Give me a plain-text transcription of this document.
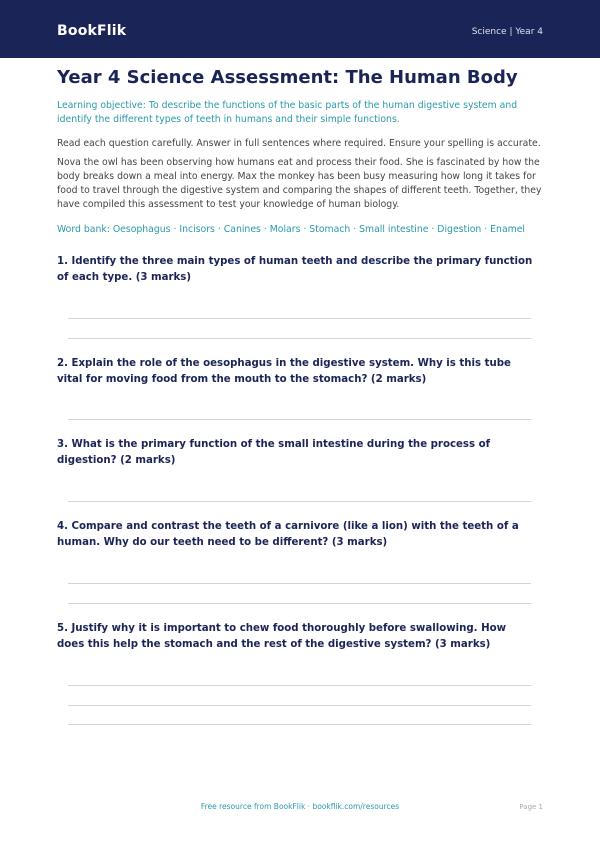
BookFlik	Science | Year 4
Year 4 Science Assessment: The Human Body
Learning objective: To describe the functions of the basic parts of the human digestive system and identify the different types of teeth in humans and their simple functions.
Read each question carefully. Answer in full sentences where required. Ensure your spelling is accurate.
Nova the owl has been observing how humans eat and process their food. She is fascinated by how the body breaks down a meal into energy. Max the monkey has been busy measuring how long it takes for food to travel through the digestive system and comparing the shapes of different teeth. Together, they have compiled this assessment to test your knowledge of human biology.
Word bank: Oesophagus · Incisors · Canines · Molars · Stomach · Small intestine · Digestion · Enamel
1. Identify the three main types of human teeth and describe the primary function of each type. (3 marks)
2. Explain the role of the oesophagus in the digestive system. Why is this tube vital for moving food from the mouth to the stomach? (2 marks)
3. What is the primary function of the small intestine during the process of digestion? (2 marks)
4. Compare and contrast the teeth of a carnivore (like a lion) with the teeth of a human. Why do our teeth need to be different? (3 marks)
5. Justify why it is important to chew food thoroughly before swallowing. How does this help the stomach and the rest of the digestive system? (3 marks)
Free resource from BookFlik · bookflik.com/resources	Page 1
